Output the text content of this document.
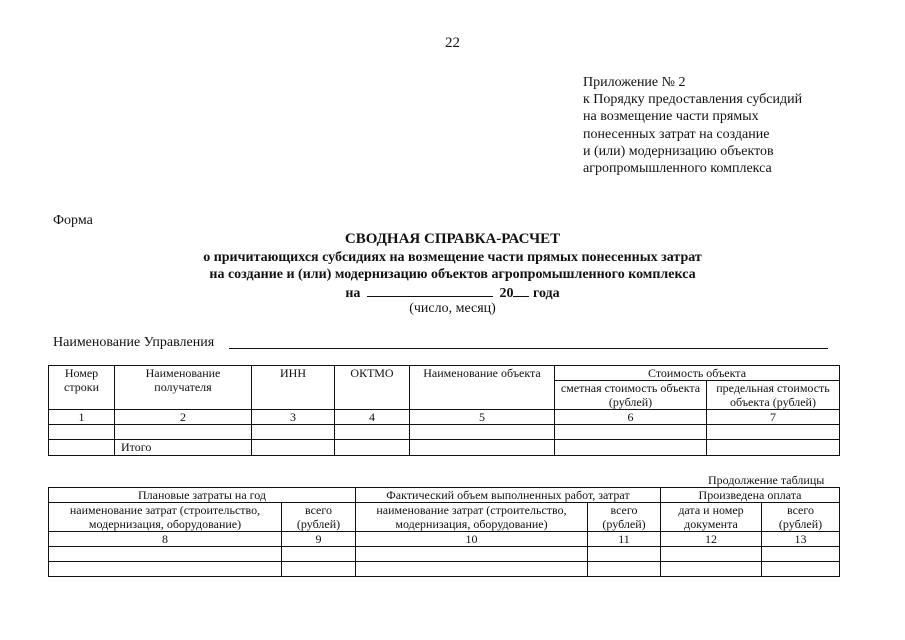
22
Приложение № 2
к Порядку предоставления субсидий
на возмещение части прямых
понесенных затрат на создание
и (или) модернизацию объектов
агропромышленного комплекса
Форма
СВОДНАЯ СПРАВКА-РАСЧЕТ
о причитающихся субсидиях на возмещение части прямых понесенных затрат
на создание и (или) модернизацию объектов агропромышленного комплекса
на	20 года
(число, месяц)
Наименование Управления
Номер строки	Наименование получателя	ИНН	ОКТМО	Наименование объекта	Стоимость объекта	
					сметная стоимость объекта (рублей)	предельная стоимость объекта (рублей)
1	2	3	4	5	6	7

	Итого					
Продолжение таблицы
Плановые затраты на год		Фактический объем выполненных работ, затрат		Произведена оплата	
наименование затрат (строительство, модернизация, оборудование)	всего (рублей)	наименование затрат (строительство, модернизация, оборудование)	всего (рублей)	дата и номер документа	всего (рублей)
8	9	10	11	12	13
